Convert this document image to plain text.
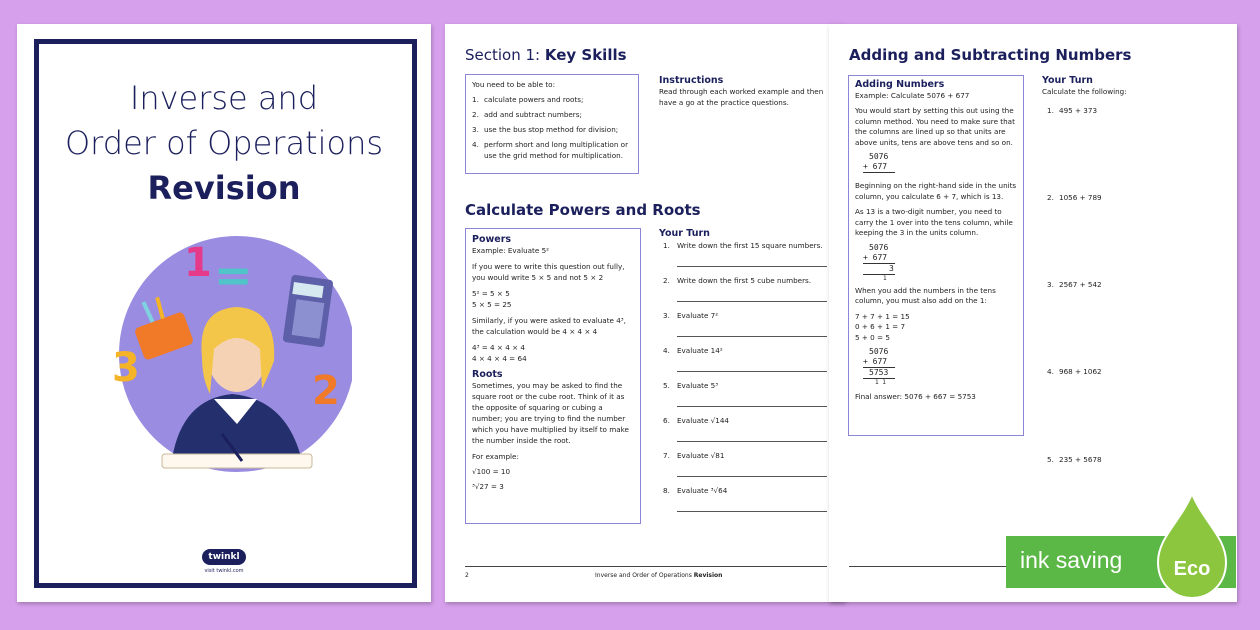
Inverse and
Order of Operations
Revision
1 =
3	2
twinkl
visit twinkl.com
Section 1: Key Skills
You need to be able to:
1. calculate powers and roots;
2. add and subtract numbers;
3. use the bus stop method for division;
4. perform short and long multiplication or use the grid method for multiplication.
Instructions
Read through each worked example and then have a go at the practice questions.
Calculate Powers and Roots
Powers
Example: Evaluate 5²
If you were to write this question out fully, you would write 5 × 5 and not 5 × 2
5² = 5 × 5
5 × 5 = 25
Similarly, if you were asked to evaluate 4³, the calculation would be 4 × 4 × 4
4³ = 4 × 4 × 4
4 × 4 × 4 = 64
Roots
Sometimes, you may be asked to find the square root or the cube root. Think of it as the opposite of squaring or cubing a number; you are trying to find the number which you have multiplied by itself to make the number inside the root.
For example:
√100 = 10
³√27 = 3
Your Turn
1. Write down the first 15 square numbers.
2. Write down the first 5 cube numbers.
3. Evaluate 7²
4. Evaluate 14²
5. Evaluate 5³
6. Evaluate √144
7. Evaluate √81
8. Evaluate ³√64
2	Inverse and Order of Operations Revision
Adding and Subtracting Numbers
Adding Numbers
Example: Calculate 5076 + 677
You would start by setting this out using the column method. You need to make sure that the columns are lined up so that units are above units, tens are above tens and so on.
5076
+ 677
Beginning on the right-hand side in the units column, you calculate 6 + 7, which is 13.
As 13 is a two-digit number, you need to carry the 1 over into the tens column, while keeping the 3 in the units column.
5076
+ 677
3
1
When you add the numbers in the tens column, you must also add on the 1:
7 + 7 + 1 = 15
0 + 6 + 1 = 7
5 + 0 = 5
5076
+ 677
5753
1 1
Final answer: 5076 + 667 = 5753
Your Turn
Calculate the following:
1. 495 + 373
2. 1056 + 789
3. 2567 + 542
4. 968 + 1062
5. 235 + 5678
ink saving	Eco
